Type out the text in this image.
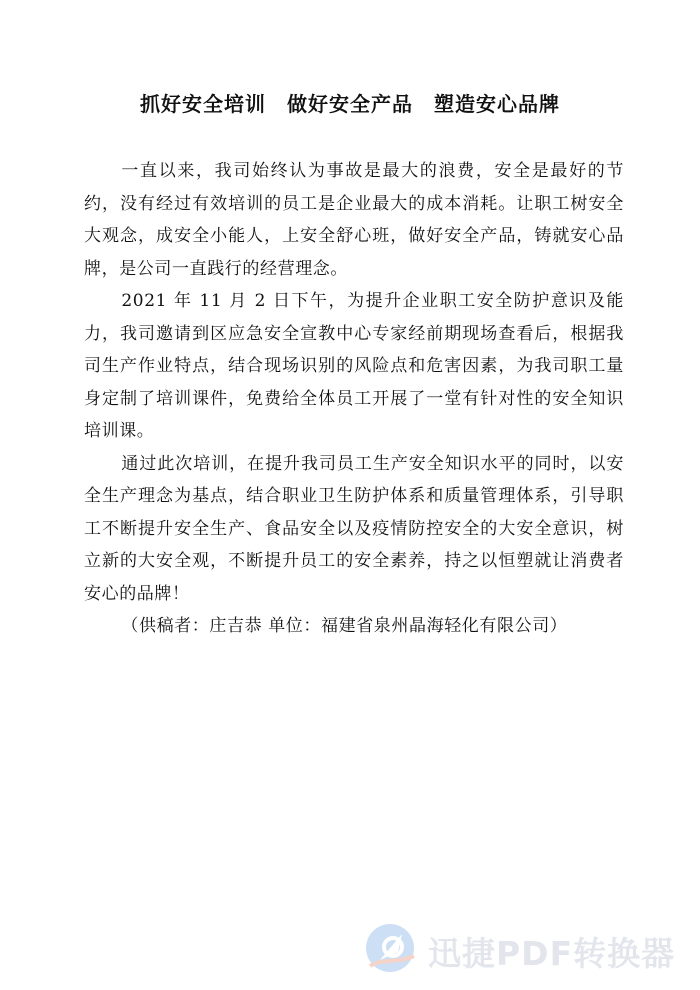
抓好安全培训　做好安全产品　塑造安心品牌

一直以来，我司始终认为事故是最大的浪费，安全是最好的节约，没有经过有效培训的员工是企业最大的成本消耗。让职工树安全大观念，成安全小能人，上安全舒心班，做好安全产品，铸就安心品牌，是公司一直践行的经营理念。

2021 年 11 月 2 日下午，为提升企业职工安全防护意识及能力，我司邀请到区应急安全宣教中心专家经前期现场查看后，根据我司生产作业特点，结合现场识别的风险点和危害因素，为我司职工量身定制了培训课件，免费给全体员工开展了一堂有针对性的安全知识培训课。

通过此次培训，在提升我司员工生产安全知识水平的同时，以安全生产理念为基点，结合职业卫生防护体系和质量管理体系，引导职工不断提升安全生产、食品安全以及疫情防控安全的大安全意识，树立新的大安全观，不断提升员工的安全素养，持之以恒塑就让消费者安心的品牌！

（供稿者：庄吉恭 单位：福建省泉州晶海轻化有限公司）

迅捷PDF转换器
